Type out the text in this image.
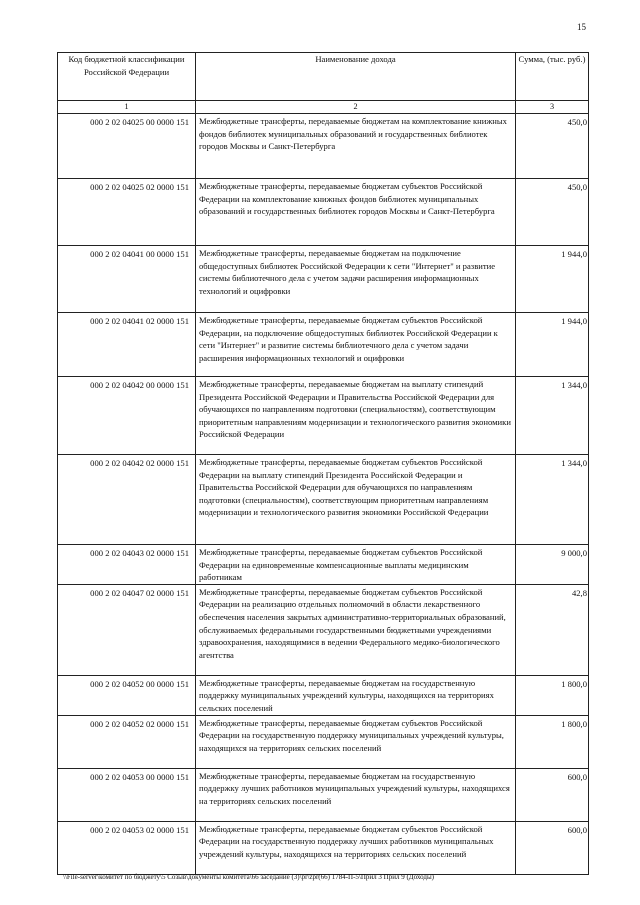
15
Код бюджетной классификации Российской Федерации	Наименование дохода	Сумма, (тыс. руб.)
1	2	3
000 2 02 04025 00 0000 151	Межбюджетные трансферты, передаваемые бюджетам на комплектование книжных фондов библиотек муниципальных образований и государственных библиотек городов Москвы и Санкт-Петербурга	450,0
000 2 02 04025 02 0000 151	Межбюджетные трансферты, передаваемые бюджетам субъектов Российской Федерации на комплектование книжных фондов библиотек муниципальных образований и государственных библиотек городов Москвы и Санкт-Петербурга	450,0
000 2 02 04041 00 0000 151	Межбюджетные трансферты, передаваемые бюджетам на подключение общедоступных библиотек Российской Федерации к сети "Интернет" и развитие системы библиотечного дела с учетом задачи расширения информационных технологий и оцифровки	1 944,0
000 2 02 04041 02 0000 151	Межбюджетные трансферты, передаваемые бюджетам субъектов Российской Федерации, на подключение общедоступных библиотек Российской Федерации к сети "Интернет" и развитие системы библиотечного дела с учетом задачи расширения информационных технологий и оцифровки	1 944,0
000 2 02 04042 00 0000 151	Межбюджетные трансферты, передаваемые бюджетам на выплату стипендий Президента Российской Федерации и Правительства Российской Федерации для обучающихся по направлениям подготовки (специальностям), соответствующим приоритетным направлениям модернизации и технологического развития экономики Российской Федерации	1 344,0
000 2 02 04042 02 0000 151	Межбюджетные трансферты, передаваемые бюджетам субъектов Российской Федерации на выплату стипендий Президента Российской Федерации и Правительства Российской Федерации для обучающихся по направлениям подготовки (специальностям), соответствующим приоритетным направлениям модернизации и технологического развития экономики Российской Федерации	1 344,0
000 2 02 04043 02 0000 151	Межбюджетные трансферты, передаваемые бюджетам субъектов Российской Федерации на единовременные компенсационные выплаты медицинским работникам	9 000,0
000 2 02 04047 02 0000 151	Межбюджетные трансферты, передаваемые бюджетам субъектов Российской Федерации на реализацию отдельных полномочий в области лекарственного обеспечения населения закрытых административно-территориальных образований, обслуживаемых федеральными государственными бюджетными учреждениями здравоохранения, находящимися в ведении Федерального медико-биологического агентства	42,8
000 2 02 04052 00 0000 151	Межбюджетные трансферты, передаваемые бюджетам на государственную поддержку муниципальных учреждений культуры, находящихся на территориях сельских поселений	1 800,0
000 2 02 04052 02 0000 151	Межбюджетные трансферты, передаваемые бюджетам субъектов Российской Федерации на государственную поддержку муниципальных учреждений культуры, находящихся на территориях сельских поселений	1 800,0
000 2 02 04053 00 0000 151	Межбюджетные трансферты, передаваемые бюджетам на государственную поддержку лучших работников муниципальных учреждений культуры, находящихся на территориях сельских поселений	600,0
000 2 02 04053 02 0000 151	Межбюджетные трансферты, передаваемые бюджетам субъектов Российской Федерации на государственную поддержку лучших работников муниципальных учреждений культуры, находящихся на территориях сельских поселений	600,0
\\File-server\комитет по бюджету\5 Созыв\документы комитета\66 заседание (3)\pr\zpr(66) 1784-П-5\Прил 3 Прил 9 (Доходы)
